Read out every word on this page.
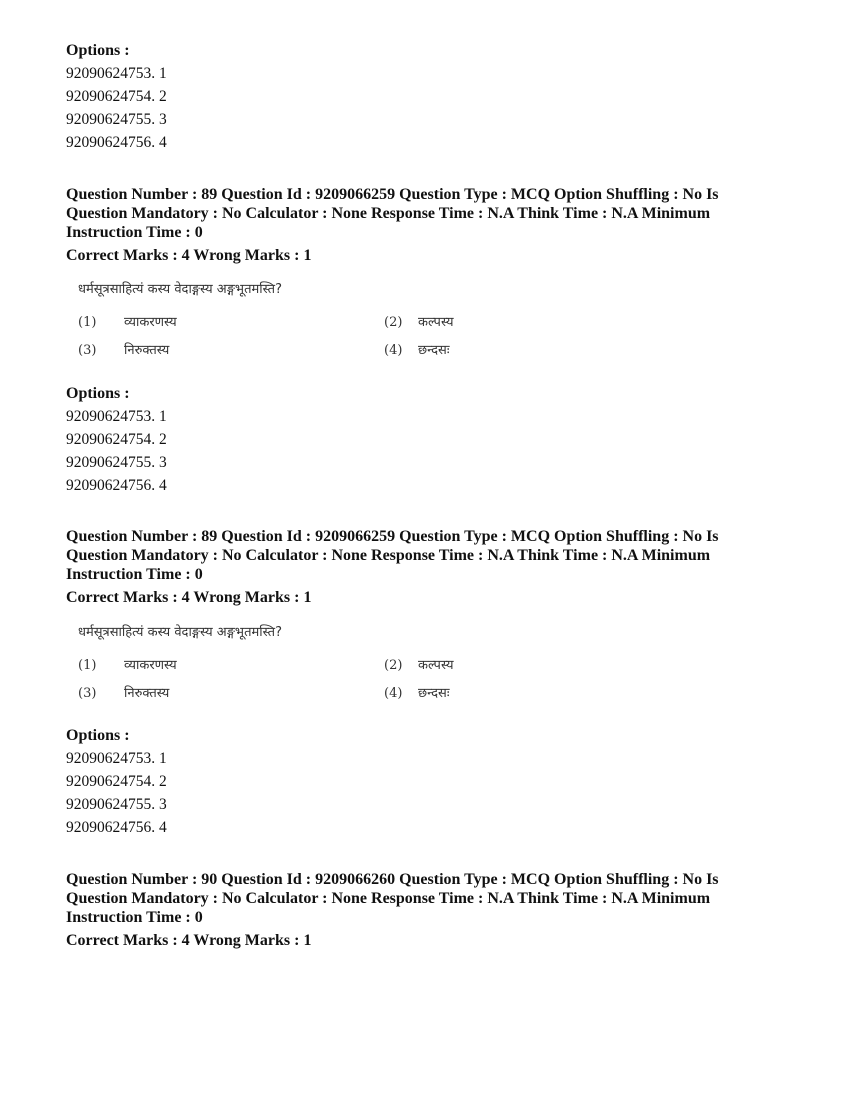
Options :
92090624753. 1
92090624754. 2
92090624755. 3
92090624756. 4
Question Number : 89 Question Id : 9209066259 Question Type : MCQ Option Shuffling : No Is
Question Mandatory : No Calculator : None Response Time : N.A Think Time : N.A Minimum
Instruction Time : 0
Correct Marks : 4 Wrong Marks : 1
धर्मसूत्रसाहित्यं कस्य वेदाङ्गस्य अङ्गभूतमस्ति?
(1) व्याकरणस्य	(2) कल्पस्य
(3) निरुक्तस्य	(4) छन्दसः
Options :
92090624753. 1
92090624754. 2
92090624755. 3
92090624756. 4
Question Number : 89 Question Id : 9209066259 Question Type : MCQ Option Shuffling : No Is
Question Mandatory : No Calculator : None Response Time : N.A Think Time : N.A Minimum
Instruction Time : 0
Correct Marks : 4 Wrong Marks : 1
धर्मसूत्रसाहित्यं कस्य वेदाङ्गस्य अङ्गभूतमस्ति?
(1) व्याकरणस्य	(2) कल्पस्य
(3) निरुक्तस्य	(4) छन्दसः
Options :
92090624753. 1
92090624754. 2
92090624755. 3
92090624756. 4
Question Number : 90 Question Id : 9209066260 Question Type : MCQ Option Shuffling : No Is
Question Mandatory : No Calculator : None Response Time : N.A Think Time : N.A Minimum
Instruction Time : 0
Correct Marks : 4 Wrong Marks : 1
